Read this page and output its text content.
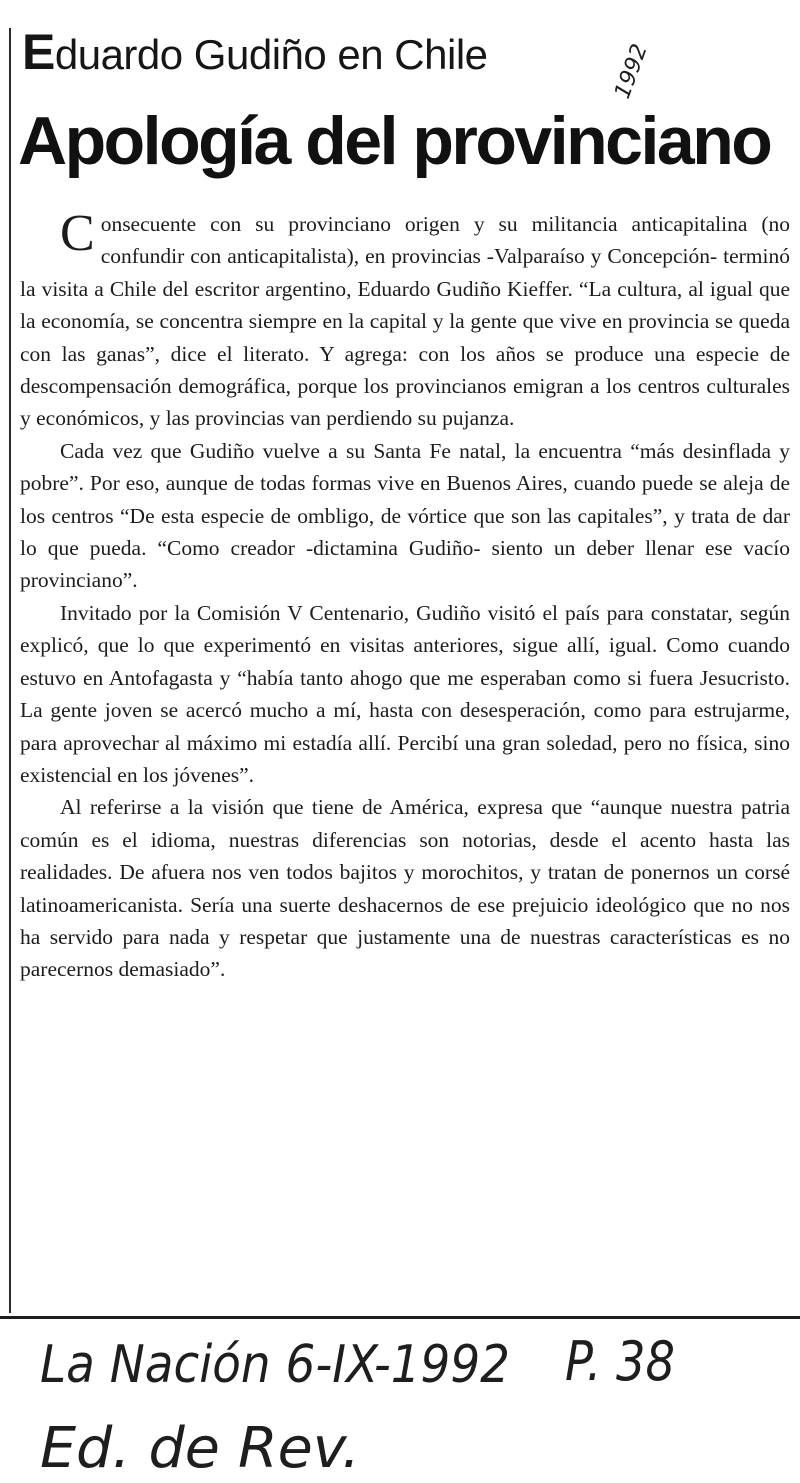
Eduardo Gudiño en Chile	1992
Apología del provinciano

Consecuente con su provinciano origen y su militancia anticapitalina (no confundir con anticapitalista), en provincias -Valparaíso y Concepción- terminó la visita a Chile del escritor argentino, Eduardo Gudiño Kieffer. “La cultura, al igual que la economía, se concentra siempre en la capital y la gente que vive en provincia se queda con las ganas”, dice el literato. Y agrega: con los años se produce una especie de descompensación demográfica, porque los provincianos emigran a los centros culturales y económicos, y las provincias van perdiendo su pujanza.

Cada vez que Gudiño vuelve a su Santa Fe natal, la encuentra “más desinflada y pobre”. Por eso, aunque de todas formas vive en Buenos Aires, cuando puede se aleja de los centros “De esta especie de ombligo, de vórtice que son las capitales”, y trata de dar lo que pueda. “Como creador -dictamina Gudiño- siento un deber llenar ese vacío provinciano”.

Invitado por la Comisión V Centenario, Gudiño visitó el país para constatar, según explicó, que lo que experimentó en visitas anteriores, sigue allí, igual. Como cuando estuvo en Antofagasta y “había tanto ahogo que me esperaban como si fuera Jesucristo. La gente joven se acercó mucho a mí, hasta con desesperación, como para estrujarme, para aprovechar al máximo mi estadía allí. Percibí una gran soledad, pero no física, sino existencial en los jóvenes”.

Al referirse a la visión que tiene de América, expresa que “aunque nuestra patria común es el idioma, nuestras diferencias son notorias, desde el acento hasta las realidades. De afuera nos ven todos bajitos y morochitos, y tratan de ponernos un corsé latinoamericanista. Sería una suerte deshacernos de ese prejuicio ideológico que no nos ha servido para nada y respetar que justamente una de nuestras características es no parecernos demasiado”.

La Nación 6-IX-1992 P. 38
Ed. de Rev.
